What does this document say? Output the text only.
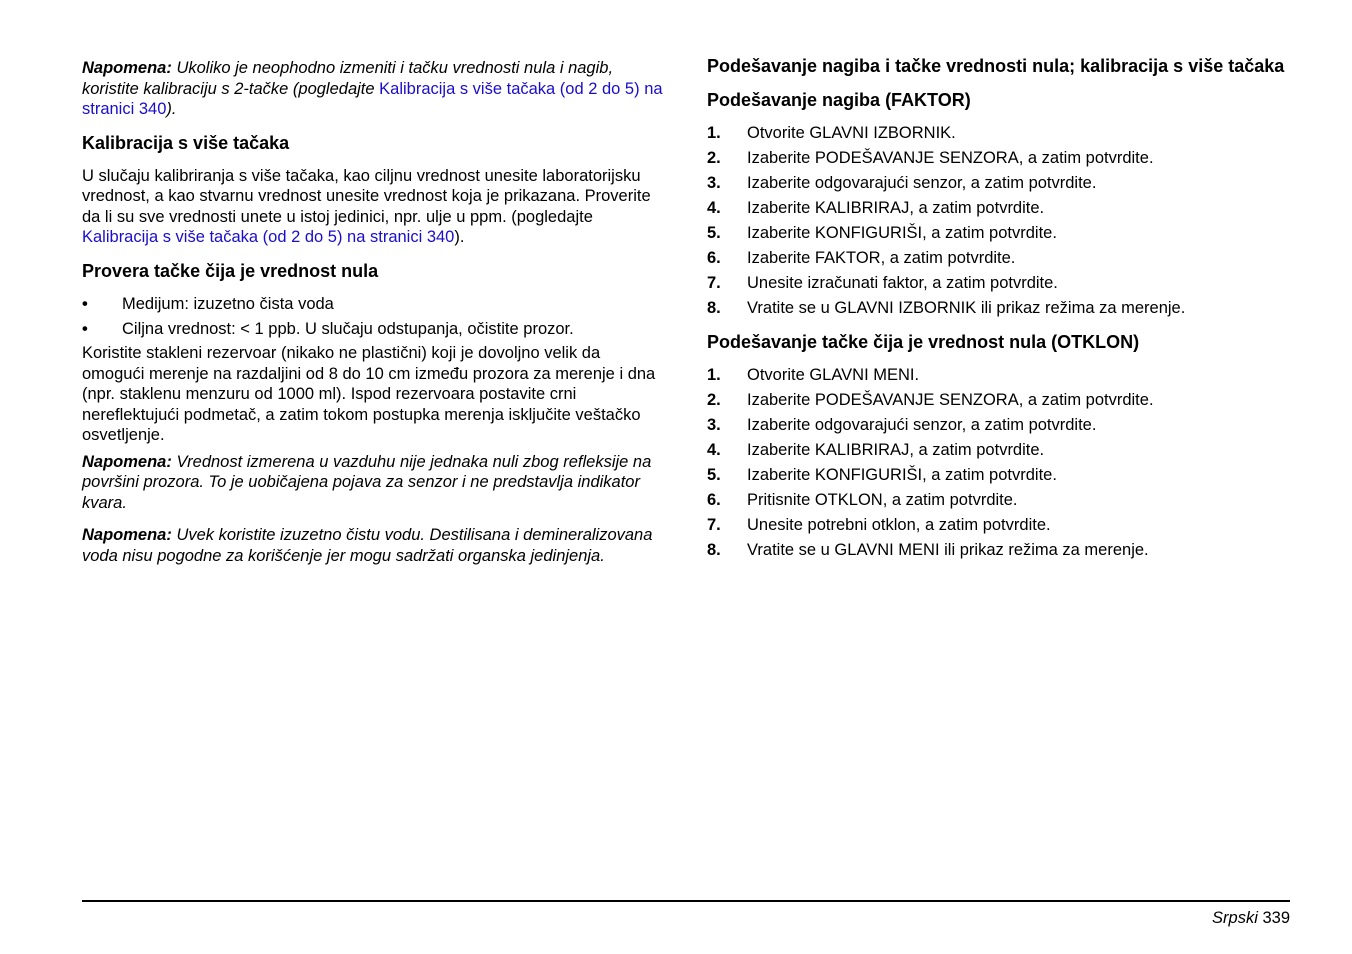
Napomena: Ukoliko je neophodno izmeniti i tačku vrednosti nula i nagib, koristite kalibraciju s 2-tačke (pogledajte Kalibracija s više tačaka (od 2 do 5) na stranici 340).

Kalibracija s više tačaka

U slučaju kalibriranja s više tačaka, kao ciljnu vrednost unesite laboratorijsku vrednost, a kao stvarnu vrednost unesite vrednost koja je prikazana. Proverite da li su sve vrednosti unete u istoj jedinici, npr. ulje u ppm. (pogledajte Kalibracija s više tačaka (od 2 do 5) na stranici 340).

Provera tačke čija je vrednost nula
• Medijum: izuzetno čista voda
• Ciljna vrednost: < 1 ppb. U slučaju odstupanja, očistite prozor.

Koristite stakleni rezervoar (nikako ne plastični) koji je dovoljno velik da omogući merenje na razdaljini od 8 do 10 cm između prozora za merenje i dna (npr. staklenu menzuru od 1000 ml). Ispod rezervoara postavite crni nereflektujući podmetač, a zatim tokom postupka merenja isključite veštačko osvetljenje.

Napomena: Vrednost izmerena u vazduhu nije jednaka nuli zbog refleksije na površini prozora. To je uobičajena pojava za senzor i ne predstavlja indikator kvara.

Napomena: Uvek koristite izuzetno čistu vodu. Destilisana i demineralizovana voda nisu pogodne za korišćenje jer mogu sadržati organska jedinjenja.

Podešavanje nagiba i tačke vrednosti nula; kalibracija s više tačaka
Podešavanje nagiba (FAKTOR)
1. Otvorite GLAVNI IZBORNIK.
2. Izaberite PODEŠAVANJE SENZORA, a zatim potvrdite.
3. Izaberite odgovarajući senzor, a zatim potvrdite.
4. Izaberite KALIBRIRAJ, a zatim potvrdite.
5. Izaberite KONFIGURIŠI, a zatim potvrdite.
6. Izaberite FAKTOR, a zatim potvrdite.
7. Unesite izračunati faktor, a zatim potvrdite.
8. Vratite se u GLAVNI IZBORNIK ili prikaz režima za merenje.
Podešavanje tačke čija je vrednost nula (OTKLON)
1. Otvorite GLAVNI MENI.
2. Izaberite PODEŠAVANJE SENZORA, a zatim potvrdite.
3. Izaberite odgovarajući senzor, a zatim potvrdite.
4. Izaberite KALIBRIRAJ, a zatim potvrdite.
5. Izaberite KONFIGURIŠI, a zatim potvrdite.
6. Pritisnite OTKLON, a zatim potvrdite.
7. Unesite potrebni otklon, a zatim potvrdite.
8. Vratite se u GLAVNI MENI ili prikaz režima za merenje.
Srpski 339
